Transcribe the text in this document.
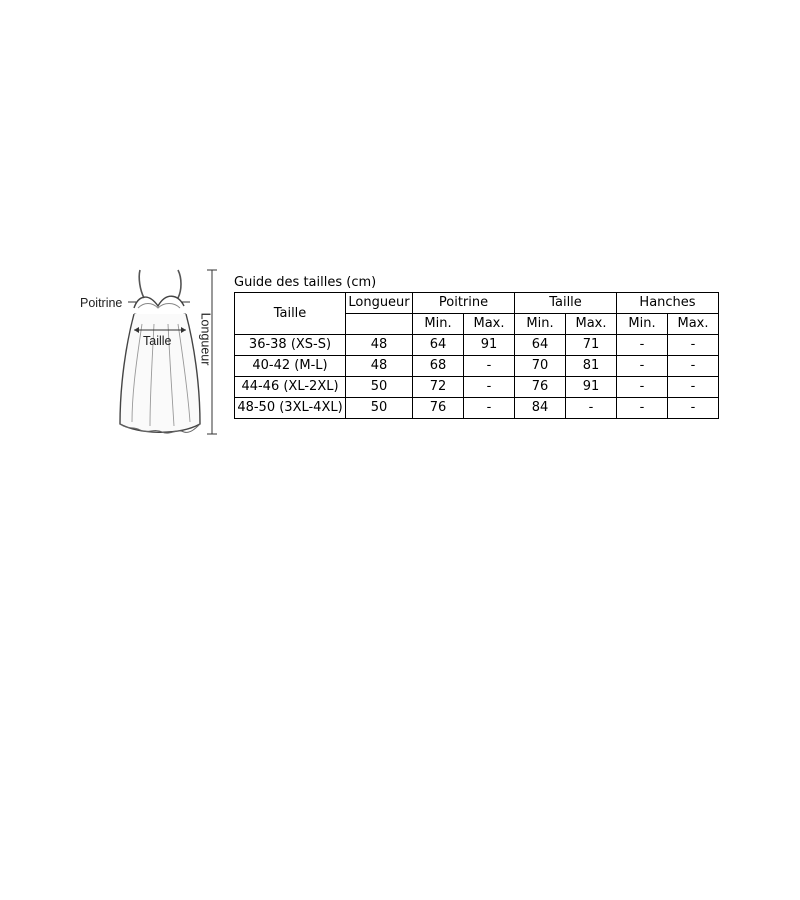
Poitrine
Taille Longueur
Guide des tailles (cm)
Taille	Longueur	Poitrine		Taille		Hanches	
		Min.	Max.	Min.	Max.	Min.	Max.
36-38 (XS-S)	48	64	91	64	71	-	-
40-42 (M-L)	48	68	-	70	81	-	-
44-46 (XL-2XL)	50	72	-	76	91	-	-
48-50 (3XL-4XL)	50	76	-	84	-	-	-
